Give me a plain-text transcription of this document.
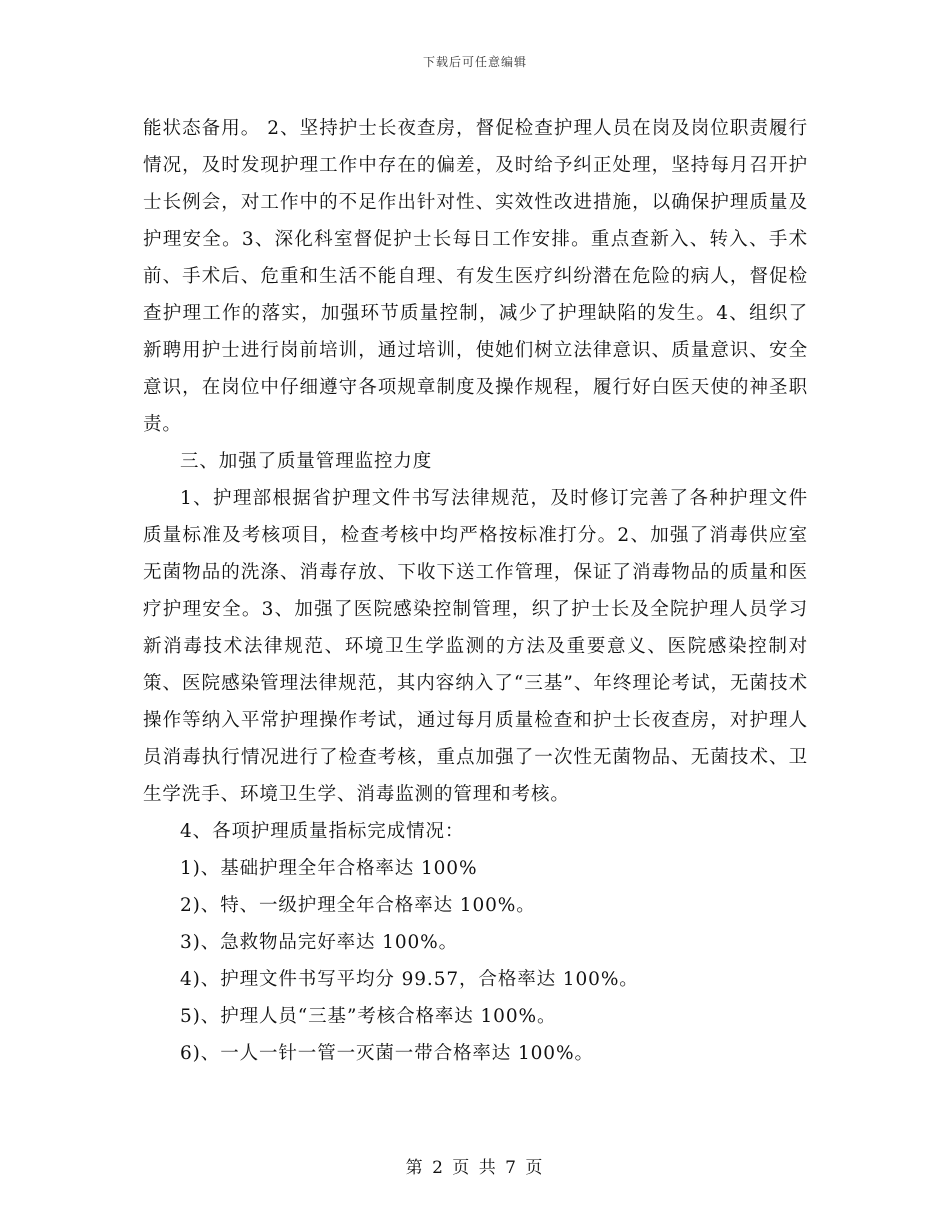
下载后可任意编辑

能状态备用。 2、坚持护士长夜查房，督促检查护理人员在岗及岗位职责履行情况，及时发现护理工作中存在的偏差，及时给予纠正处理，坚持每月召开护士长例会，对工作中的不足作出针对性、实效性改进措施，以确保护理质量及护理安全。3、深化科室督促护士长每日工作安排。重点查新入、转入、手术前、手术后、危重和生活不能自理、有发生医疗纠纷潜在危险的病人，督促检查护理工作的落实，加强环节质量控制，减少了护理缺陷的发生。4、组织了新聘用护士进行岗前培训，通过培训，使她们树立法律意识、质量意识、安全意识，在岗位中仔细遵守各项规章制度及操作规程，履行好白医天使的神圣职责。

三、加强了质量管理监控力度

1、护理部根据省护理文件书写法律规范，及时修订完善了各种护理文件质量标准及考核项目，检查考核中均严格按标准打分。2、加强了消毒供应室无菌物品的洗涤、消毒存放、下收下送工作管理，保证了消毒物品的质量和医疗护理安全。3、加强了医院感染控制管理，织了护士长及全院护理人员学习新消毒技术法律规范、环境卫生学监测的方法及重要意义、医院感染控制对策、医院感染管理法律规范，其内容纳入了“三基”、年终理论考试，无菌技术操作等纳入平常护理操作考试，通过每月质量检查和护士长夜查房，对护理人员消毒执行情况进行了检查考核，重点加强了一次性无菌物品、无菌技术、卫生学洗手、环境卫生学、消毒监测的管理和考核。

4、各项护理质量指标完成情况：

1)、基础护理全年合格率达 100%

2)、特、一级护理全年合格率达 100%。

3)、急救物品完好率达 100%。

4)、护理文件书写平均分 99.57，合格率达 100%。

5)、护理人员“三基”考核合格率达 100%。

6)、一人一针一管一灭菌一带合格率达 100%。

第 2 页 共 7 页
